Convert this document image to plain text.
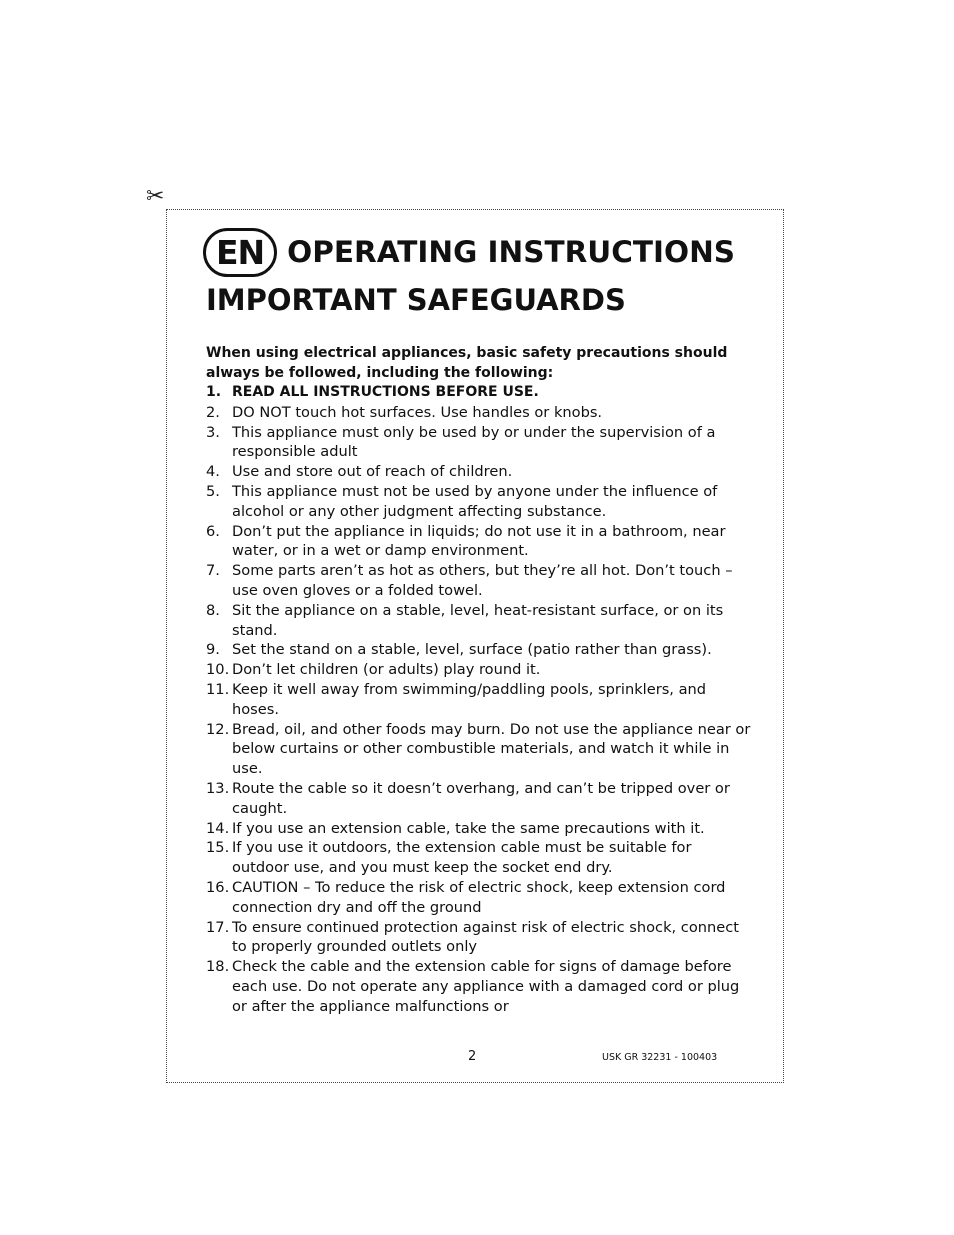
✂
EN OPERATING INSTRUCTIONS
IMPORTANT SAFEGUARDS
When using electrical appliances, basic safety precautions should always be followed, including the following:
1. READ ALL INSTRUCTIONS BEFORE USE.
2. DO NOT touch hot surfaces. Use handles or knobs.
3. This appliance must only be used by or under the supervision of a responsible adult
4. Use and store out of reach of children.
5. This appliance must not be used by anyone under the influence of alcohol or any other judgment affecting substance.
6. Don’t put the appliance in liquids; do not use it in a bathroom, near water, or in a wet or damp environment.
7. Some parts aren’t as hot as others, but they’re all hot. Don’t touch – use oven gloves or a folded towel.
8. Sit the appliance on a stable, level, heat-resistant surface, or on its stand.
9. Set the stand on a stable, level, surface (patio rather than grass).
10. Don’t let children (or adults) play round it.
11. Keep it well away from swimming/paddling pools, sprinklers, and hoses.
12. Bread, oil, and other foods may burn. Do not use the appliance near or below curtains or other combustible materials, and watch it while in use.
13. Route the cable so it doesn’t overhang, and can’t be tripped over or caught.
14. If you use an extension cable, take the same precautions with it.
15. If you use it outdoors, the extension cable must be suitable for outdoor use, and you must keep the socket end dry.
16. CAUTION – To reduce the risk of electric shock, keep extension cord connection dry and off the ground
17. To ensure continued protection against risk of electric shock, connect to properly grounded outlets only
18. Check the cable and the extension cable for signs of damage before each use. Do not operate any appliance with a damaged cord or plug or after the appliance malfunctions or
2	USK GR 32231 - 100403
